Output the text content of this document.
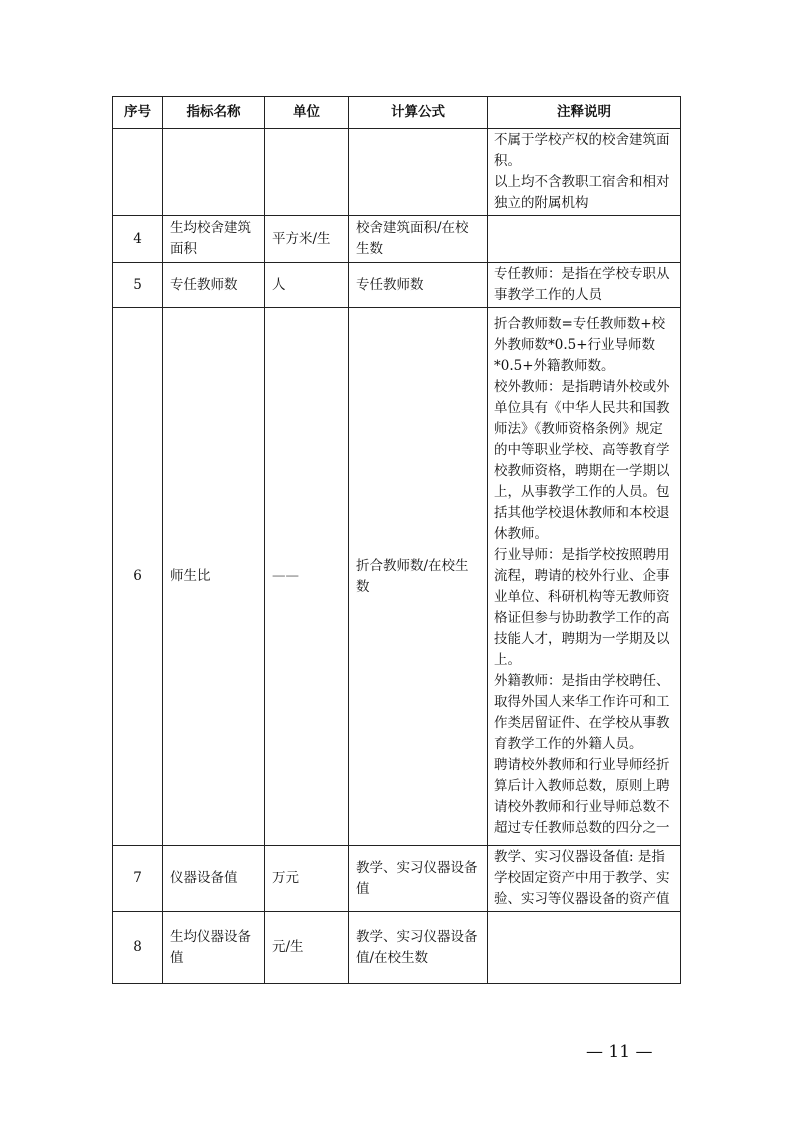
序号	指标名称	单位	计算公式	注释说明

				不属于学校产权的校舍建筑面积。
以上均不含教职工宿舍和相对独立的附属机构

4	生均校舍建筑面积	平方米/生	校舍建筑面积/在校生数	
5	专任教师数	人	专任教师数	专任教师：是指在学校专职从事教学工作的人员

6	师生比	——	折合教师数/在校生数	折合教师数=专任教师数+校外教师数*0.5+行业导师数*0.5+外籍教师数。
校外教师：是指聘请外校或外单位具有《中华人民共和国教师法》《教师资格条例》规定的中等职业学校、高等教育学校教师资格，聘期在一学期以上，从事教学工作的人员。包括其他学校退休教师和本校退休教师。
行业导师：是指学校按照聘用流程，聘请的校外行业、企事业单位、科研机构等无教师资格证但参与协助教学工作的高技能人才，聘期为一学期及以上。
外籍教师：是指由学校聘任、取得外国人来华工作许可和工作类居留证件、在学校从事教育教学工作的外籍人员。
聘请校外教师和行业导师经折算后计入教师总数，原则上聘请校外教师和行业导师总数不超过专任教师总数的四分之一

7	仪器设备值	万元	教学、实习仪器设备值	教学、实习仪器设备值: 是指学校固定资产中用于教学、实验、实习等仪器设备的资产值

8	生均仪器设备值	元/生	教学、实习仪器设备值/在校生数	
— 11 —
